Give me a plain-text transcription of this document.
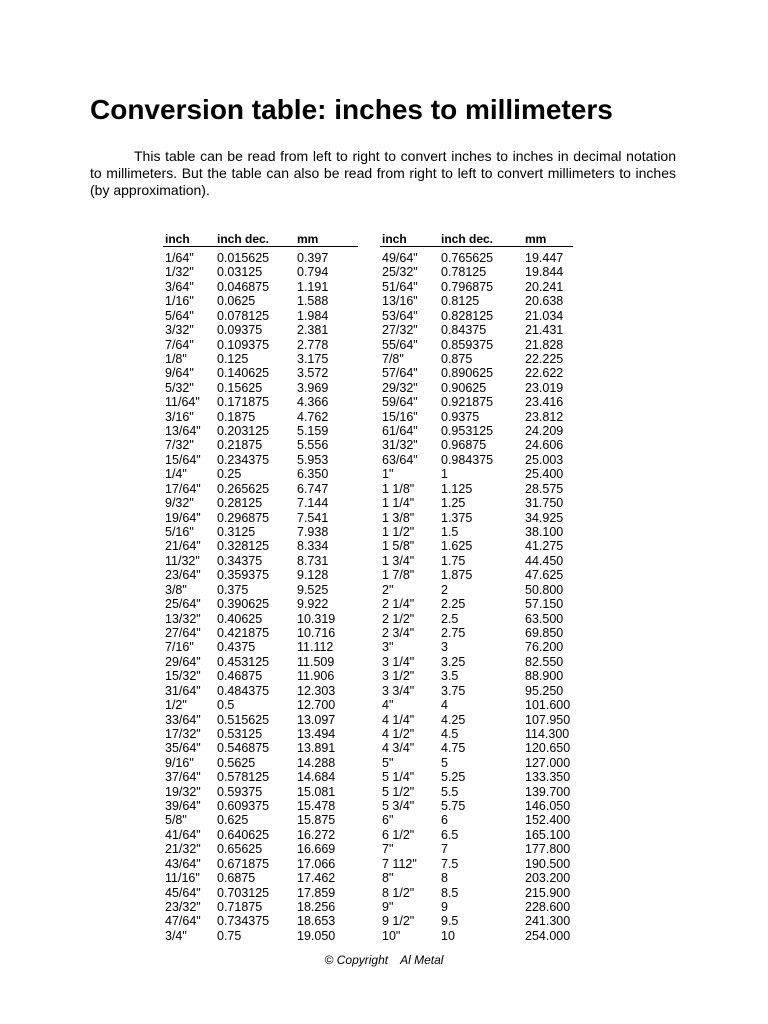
Conversion table: inches to millimeters

This table can be read from left to right to convert inches to inches in decimal notation to millimeters. But the table can also be read from right to left to convert millimeters to inches (by approximation).

inch	inch dec.	mm
1/64"	0.015625	0.397
1/32"	0.03125	0.794
3/64"	0.046875	1.191
1/16"	0.0625	1.588
5/64"	0.078125	1.984
3/32"	0.09375	2.381
7/64"	0.109375	2.778
1/8"	0.125	3.175
9/64"	0.140625	3.572
5/32"	0.15625	3.969
11/64"	0.171875	4.366
3/16"	0.1875	4.762
13/64"	0.203125	5.159
7/32"	0.21875	5.556
15/64"	0.234375	5.953
1/4"	0.25	6.350
17/64"	0.265625	6.747
9/32"	0.28125	7.144
19/64"	0.296875	7.541
5/16"	0.3125	7.938
21/64"	0.328125	8.334
11/32"	0.34375	8.731
23/64"	0.359375	9.128
3/8"	0.375	9.525
25/64"	0.390625	9.922
13/32"	0.40625	10.319
27/64"	0.421875	10.716
7/16"	0.4375	11.112
29/64"	0.453125	11.509
15/32"	0.46875	11.906
31/64"	0.484375	12.303
1/2"	0.5	12.700
33/64"	0.515625	13.097
17/32"	0.53125	13.494
35/64"	0.546875	13.891
9/16"	0.5625	14.288
37/64"	0.578125	14.684
19/32"	0.59375	15.081
39/64"	0.609375	15.478
5/8"	0.625	15.875
41/64"	0.640625	16.272
21/32"	0.65625	16.669
43/64"	0.671875	17.066
11/16"	0.6875	17.462
45/64"	0.703125	17.859
23/32"	0.71875	18.256
47/64"	0.734375	18.653
3/4"	0.75	19.050
inch	inch dec.	mm
49/64"	0.765625	19.447
25/32"	0.78125	19.844
51/64"	0.796875	20.241
13/16"	0.8125	20.638
53/64"	0.828125	21.034
27/32"	0.84375	21.431
55/64"	0.859375	21.828
7/8"	0.875	22.225
57/64"	0.890625	22.622
29/32"	0.90625	23.019
59/64"	0.921875	23.416
15/16"	0.9375	23.812
61/64"	0.953125	24.209
31/32"	0.96875	24.606
63/64"	0.984375	25.003
1"	1	25.400
1 1/8"	1.125	28.575
1 1/4"	1.25	31.750
1 3/8"	1.375	34.925
1 1/2"	1.5	38.100
1 5/8"	1.625	41.275
1 3/4"	1.75	44.450
1 7/8"	1.875	47.625
2"	2	50.800
2 1/4"	2.25	57.150
2 1/2"	2.5	63.500
2 3/4"	2.75	69.850
3"	3	76.200
3 1/4"	3.25	82.550
3 1/2"	3.5	88.900
3 3/4"	3.75	95.250
4"	4	101.600
4 1/4"	4.25	107.950
4 1/2"	4.5	114.300
4 3/4"	4.75	120.650
5"	5	127.000
5 1/4"	5.25	133.350
5 1/2"	5.5	139.700
5 3/4"	5.75	146.050
6"	6	152.400
6 1/2"	6.5	165.100
7"	7	177.800
7 112"	7.5	190.500
8"	8	203.200
8 1/2"	8.5	215.900
9"	9	228.600
9 1/2"	9.5	241.300
10"	10	254.000
© Copyright Al Metal
